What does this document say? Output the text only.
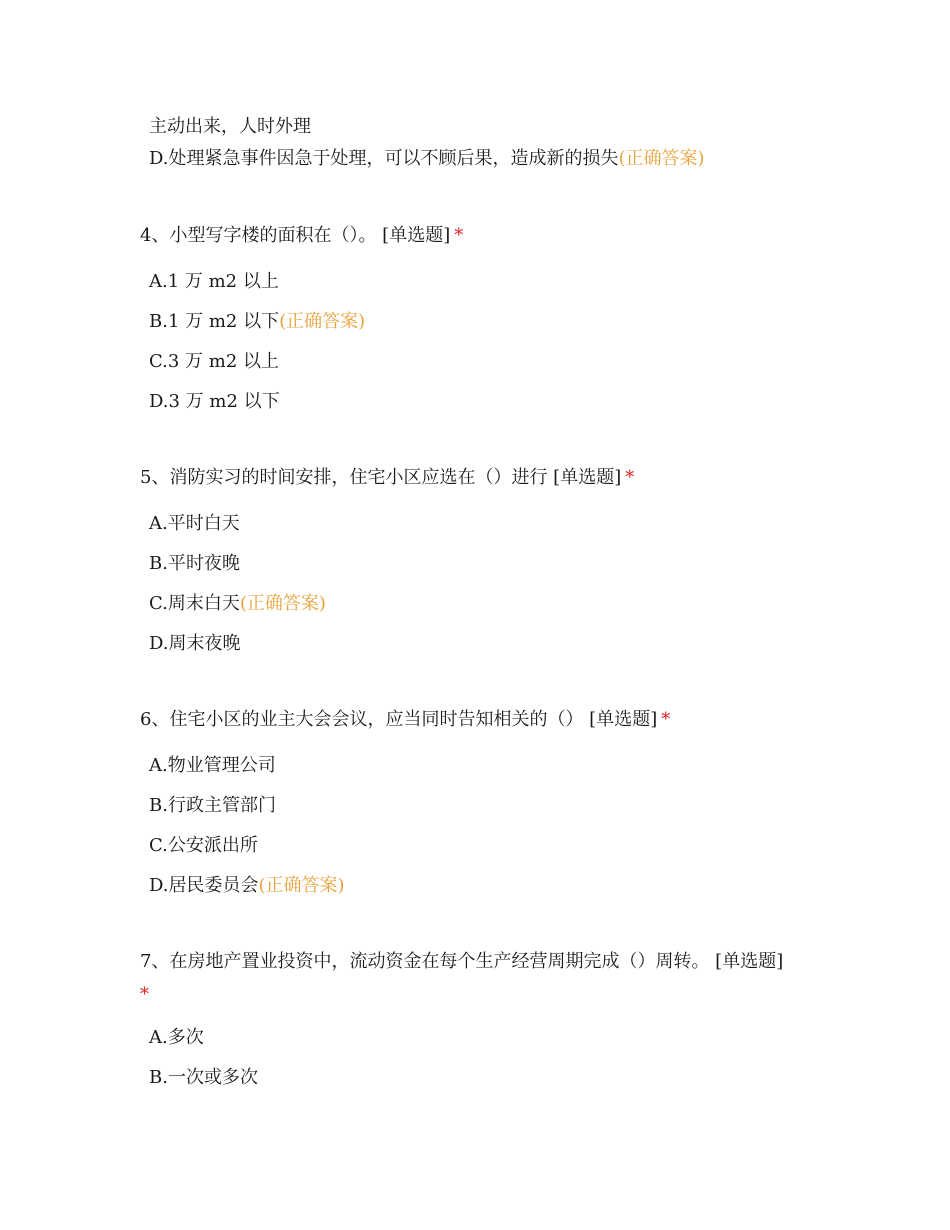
主动出来，人时外理
D.处理紧急事件因急于处理，可以不顾后果，造成新的损失(正确答案)
4、小型写字楼的面积在（）。 [单选题] *
A.1 万 m2 以上
B.1 万 m2 以下(正确答案)
C.3 万 m2 以上
D.3 万 m2 以下
5、消防实习的时间安排，住宅小区应选在（）进行 [单选题] *
A.平时白天
B.平时夜晚
C.周末白天(正确答案)
D.周末夜晚
6、住宅小区的业主大会会议，应当同时告知相关的（） [单选题] *
A.物业管理公司
B.行政主管部门
C.公安派出所
D.居民委员会(正确答案)
7、在房地产置业投资中，流动资金在每个生产经营周期完成（）周转。 [单选题]
*
A.多次
B.一次或多次
